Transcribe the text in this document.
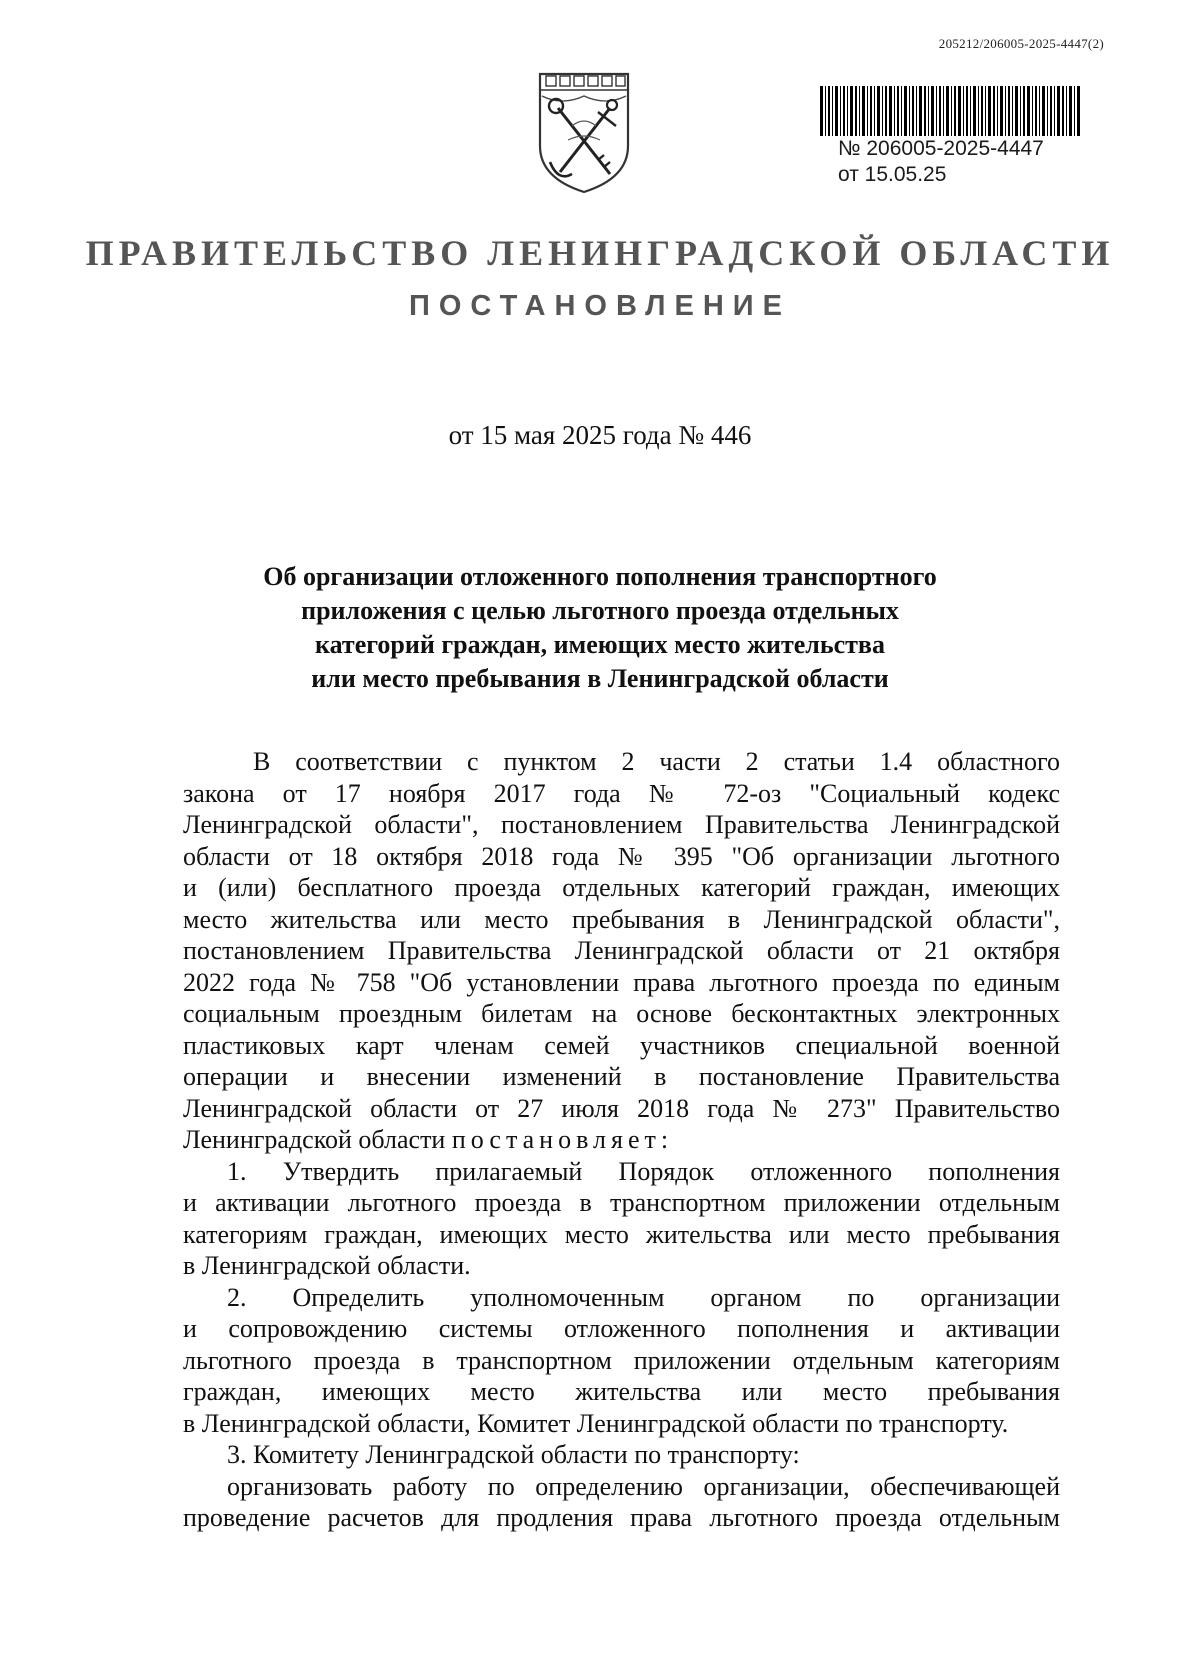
205212/206005-2025-4447(2)
№ 206005-2025-4447
от 15.05.25
ПРАВИТЕЛЬСТВО ЛЕНИНГРАДСКОЙ ОБЛАСТИ
ПОСТАНОВЛЕНИЕ
от 15 мая 2025 года № 446
Об организации отложенного пополнения транспортного
приложения с целью льготного проезда отдельных
категорий граждан, имеющих место жительства
или место пребывания в Ленинградской области
В соответствии с пунктом 2 части 2 статьи 1.4 областного
закона от 17 ноября 2017 года № 72-оз "Социальный кодекс
Ленинградской области", постановлением Правительства Ленинградской
области от 18 октября 2018 года № 395 "Об организации льготного
и (или) бесплатного проезда отдельных категорий граждан, имеющих
место жительства или место пребывания в Ленинградской области",
постановлением Правительства Ленинградской области от 21 октября
2022 года № 758 "Об установлении права льготного проезда по единым
социальным проездным билетам на основе бесконтактных электронных
пластиковых карт членам семей участников специальной военной
операции и внесении изменений в постановление Правительства
Ленинградской области от 27 июля 2018 года № 273" Правительство
Ленинградской области постановляет:
1. Утвердить прилагаемый Порядок отложенного пополнения
и активации льготного проезда в транспортном приложении отдельным
категориям граждан, имеющих место жительства или место пребывания
в Ленинградской области.
2. Определить уполномоченным органом по организации
и сопровождению системы отложенного пополнения и активации
льготного проезда в транспортном приложении отдельным категориям
граждан, имеющих место жительства или место пребывания
в Ленинградской области, Комитет Ленинградской области по транспорту.
3. Комитету Ленинградской области по транспорту:
организовать работу по определению организации, обеспечивающей
проведение расчетов для продления права льготного проезда отдельным
